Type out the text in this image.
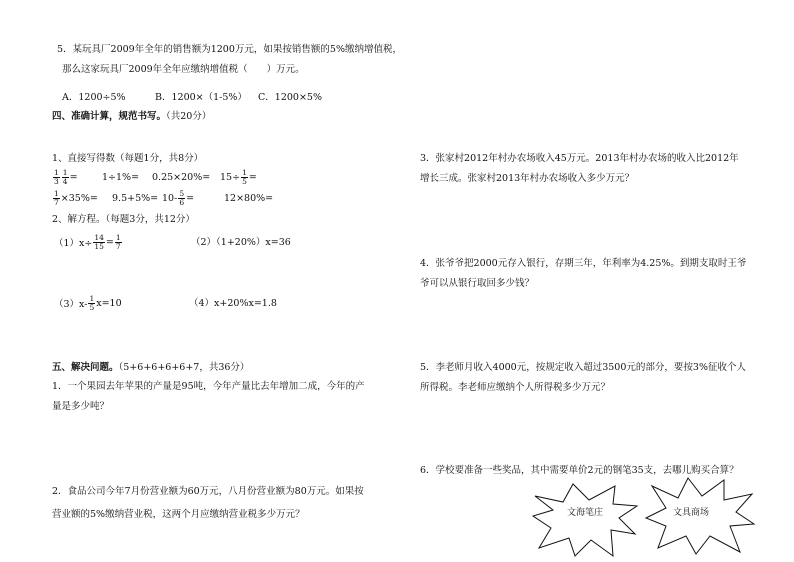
5．某玩具厂2009年全年的销售额为1200万元，如果按销售额的5%缴纳增值税，
那么这家玩具厂2009年全年应缴纳增值税（　　）万元。
A．1200÷5%	B．1200×（1-5%） C．1200×5%
四、准确计算，规范书写。（共20分）
1、直接写得数（每题1分，共8分）
$\frac{1}{3} \frac{1}{4}$ =	$1\div 1\%= 0.25\times 20\%= 15\div \frac{1}{5}$ =
$\frac{1}{7} \times 35\%= 9.5+5\%= 10- \frac{5}{6}$ =	12×80%=
2、解方程。（每题3分，共12分）
$(1)x\div \frac{14}{15} = \frac{1}{7}$	（2）（1+20%）x=36
$(3)x- \frac{1}{5} x=10$	（4）x+20%x=1.8
五、解决问题。（5+6+6+6+6+7，共36分）
1．一个果园去年苹果的产量是95吨，今年产量比去年增加二成，今年的产
量是多少吨？
2．食品公司今年7月份营业额为60万元，八月份营业额为80万元。如果按
营业额的5%缴纳营业税，这两个月应缴纳营业税多少万元？
3．张家村2012年村办农场收入45万元。2013年村办农场的收入比2012年
增长三成。张家村2013年村办农场收入多少万元？
4．张爷爷把2000元存入银行，存期三年，年利率为4.25%。到期支取时王爷
爷可以从银行取回多少钱？
5．李老师月收入4000元，按规定收入超过3500元的部分，要按3%征收个人
所得税。李老师应缴纳个人所得税多少万元？
6．学校要准备一些奖品，其中需要单价2元的钢笔35支，去哪儿购买合算？
文海笔庄	文具商场
